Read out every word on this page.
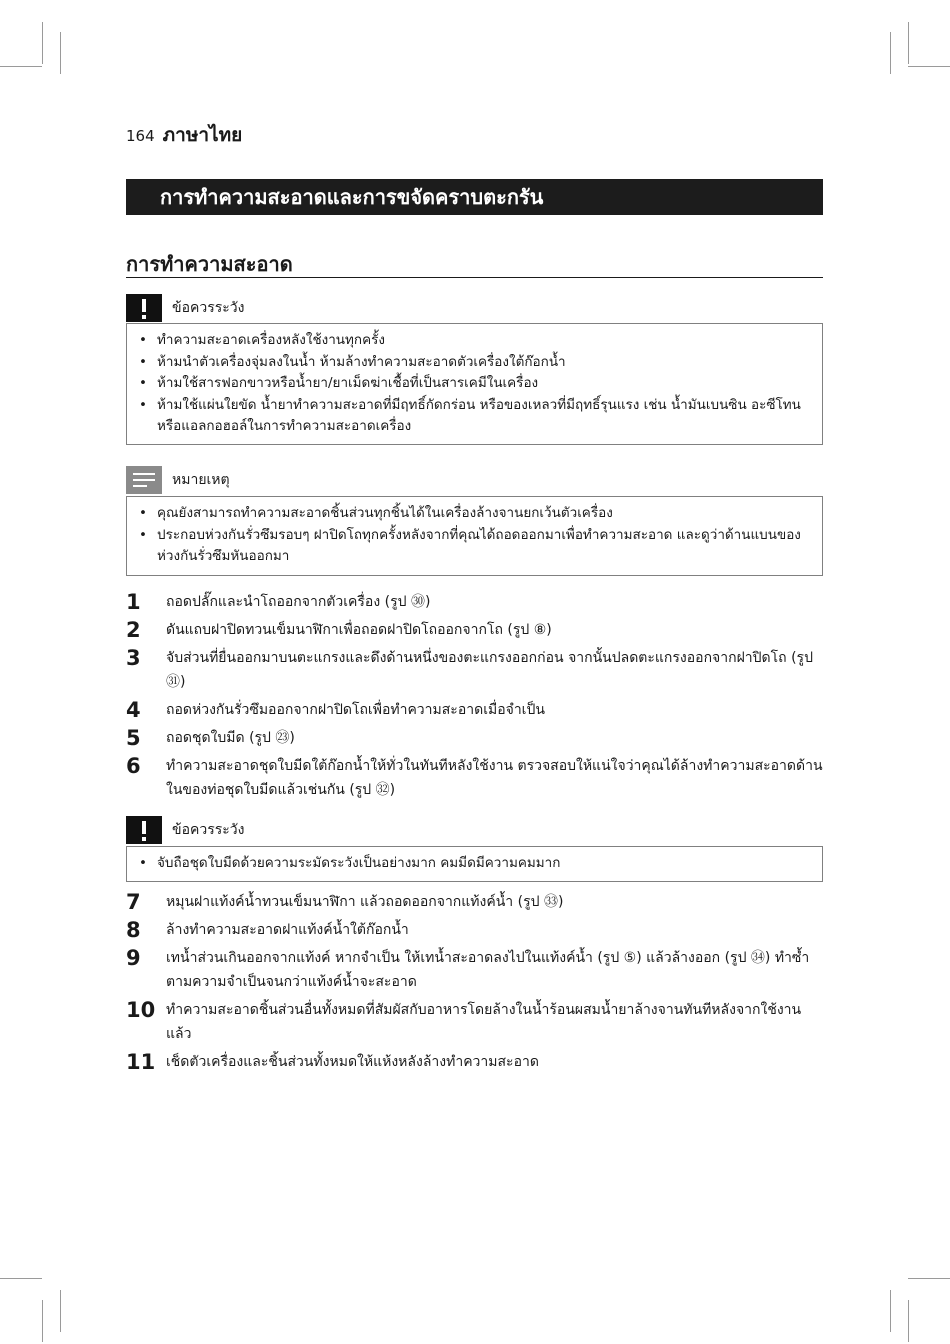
164 ภาษาไทย
การทำความสะอาดและการขจัดคราบตะกรัน
การทำความสะอาด
ข้อควรระวัง
• ทำความสะอาดเครื่องหลังใช้งานทุกครั้ง
• ห้ามนำตัวเครื่องจุ่มลงในน้ำ ห้ามล้างทำความสะอาดตัวเครื่องใต้ก๊อกน้ำ
• ห้ามใช้สารฟอกขาวหรือน้ำยา/ยาเม็ดฆ่าเชื้อที่เป็นสารเคมีในเครื่อง
• ห้ามใช้แผ่นใยขัด น้ำยาทำความสะอาดที่มีฤทธิ์กัดกร่อน หรือของเหลวที่มีฤทธิ์รุนแรง เช่น น้ำมันเบนซิน อะซีโทน หรือแอลกอฮอล์ในการทำความสะอาดเครื่อง
หมายเหตุ
• คุณยังสามารถทำความสะอาดชิ้นส่วนทุกชิ้นได้ในเครื่องล้างจานยกเว้นตัวเครื่อง
• ประกอบห่วงกันรั่วซึมรอบๆ ฝาปิดโถทุกครั้งหลังจากที่คุณได้ถอดออกมาเพื่อทำความสะอาด และดูว่าด้านแบนของห่วงกันรั่วซึมหันออกมา
1	ถอดปลั๊กและนำโถออกจากตัวเครื่อง (รูป ㉚)
2	ดันแถบฝาปิดทวนเข็มนาฬิกาเพื่อถอดฝาปิดโถออกจากโถ (รูป ⑧)
3	จับส่วนที่ยื่นออกมาบนตะแกรงและดึงด้านหนึ่งของตะแกรงออกก่อน จากนั้นปลดตะแกรงออกจากฝาปิดโถ (รูป ㉛)
4	ถอดห่วงกันรั่วซึมออกจากฝาปิดโถเพื่อทำความสะอาดเมื่อจำเป็น
5	ถอดชุดใบมีด (รูป ㉓)
6	ทำความสะอาดชุดใบมีดใต้ก๊อกน้ำให้ทั่วในทันทีหลังใช้งาน ตรวจสอบให้แน่ใจว่าคุณได้ล้างทำความสะอาดด้านในของท่อชุดใบมีดแล้วเช่นกัน (รูป ㉜)
ข้อควรระวัง
• จับถือชุดใบมีดด้วยความระมัดระวังเป็นอย่างมาก คมมีดมีความคมมาก
7	หมุนฝาแท้งค์น้ำทวนเข็มนาฬิกา แล้วถอดออกจากแท้งค์น้ำ (รูป ㉝)
8	ล้างทำความสะอาดฝาแท้งค์น้ำใต้ก๊อกน้ำ
9	เทน้ำส่วนเกินออกจากแท้งค์ หากจำเป็น ให้เทน้ำสะอาดลงไปในแท้งค์น้ำ (รูป ⑤) แล้วล้างออก (รูป ㉞) ทำซ้ำตามความจำเป็นจนกว่าแท้งค์น้ำจะสะอาด
10 ทำความสะอาดชิ้นส่วนอื่นทั้งหมดที่สัมผัสกับอาหารโดยล้างในน้ำร้อนผสมน้ำยาล้างจานทันทีหลังจากใช้งานแล้ว
11 เช็ดตัวเครื่องและชิ้นส่วนทั้งหมดให้แห้งหลังล้างทำความสะอาด
